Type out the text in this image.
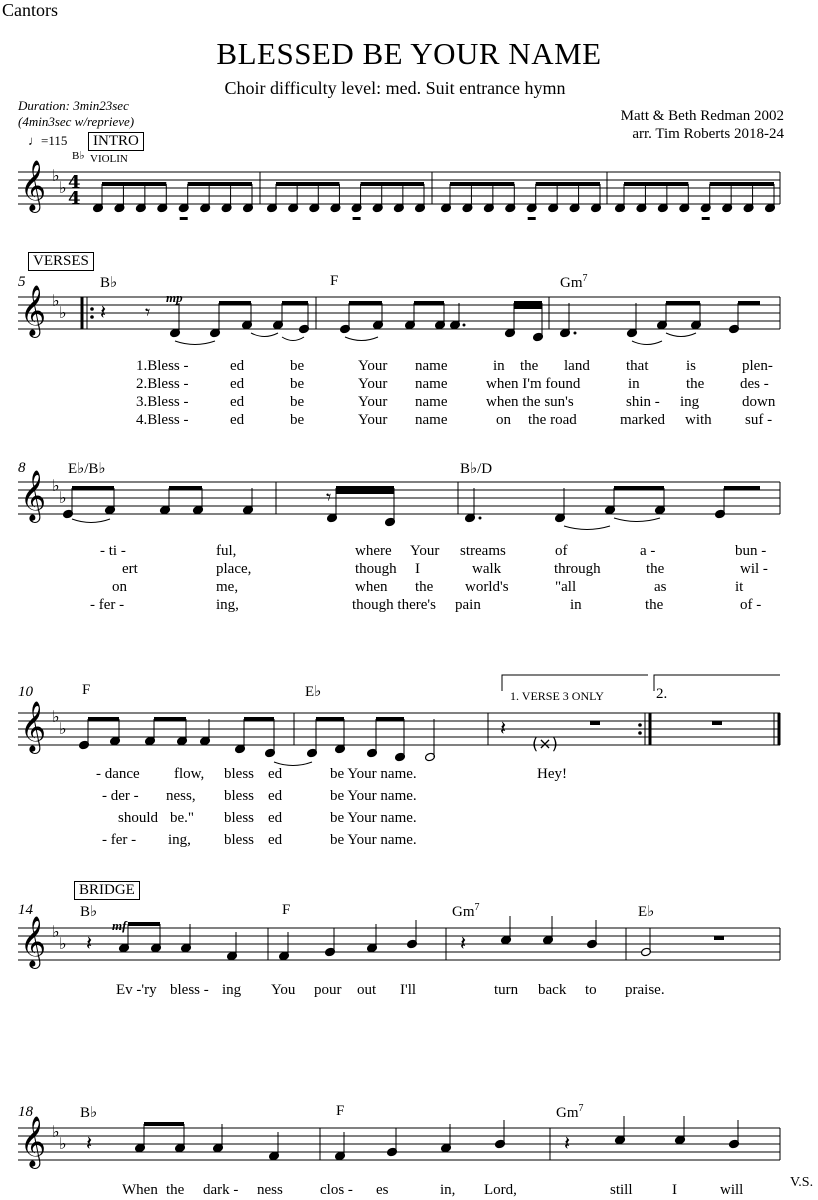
Cantors
BLESSED BE YOUR NAME
Choir difficulty level: med. Suit entrance hymn
Duration: 3min23sec
(4min3sec w/reprieve)	Matt & Beth Redman 2002
arr. Tim Roberts 2018-24
♩=115	INTRO
B♭ VIOLIN
VERSES
5	B♭	F	Gm$^7$
mp
1.Bless -	ed	be	Your name	in the land that	is	plen-
2.Bless -	ed	be	Your name	when I'm found	in	the des -
3.Bless -	ed	be	Your name	when the sun's	shin - ing	down
4.Bless -	ed	be	Your name	on the road	marked with suf -
8	E♭/B♭	B♭/D
- ti -	ful,	where Your streams	of	a -	bun -
ert	place,	though I	walk	through	the	wil -
on	me,	when the world's	"all	as	it
- fer -	ing,	though there's pain	in	the	of -
10	F	E♭	1. VERSE 3 ONLY	2.
- dance flow, bless ed	be Your name.	Hey!
- der - ness, bless ed	be Your name.
should be." bless ed	be Your name.
- fer - ing, bless ed	be Your name.
BRIDGE
14	B♭	F	Gm$^7$	E♭
mf
Ev -'ry bless - ing You pour out I'll	turn back to praise.
18	B♭	F	Gm$^7$
When the dark - ness clos - es	in, Lord,	still	I	will	V.S.
𝄞 ♭
♭ 4
4
𝄞 ♭
♭ 𝄽 𝄾
𝄞 ♭
♭	𝄾
𝄞 ♭
♭	𝄽
(×)
𝄞 ♭
♭ 𝄽	𝄽
𝄞 ♭
♭ 𝄽	𝄽
